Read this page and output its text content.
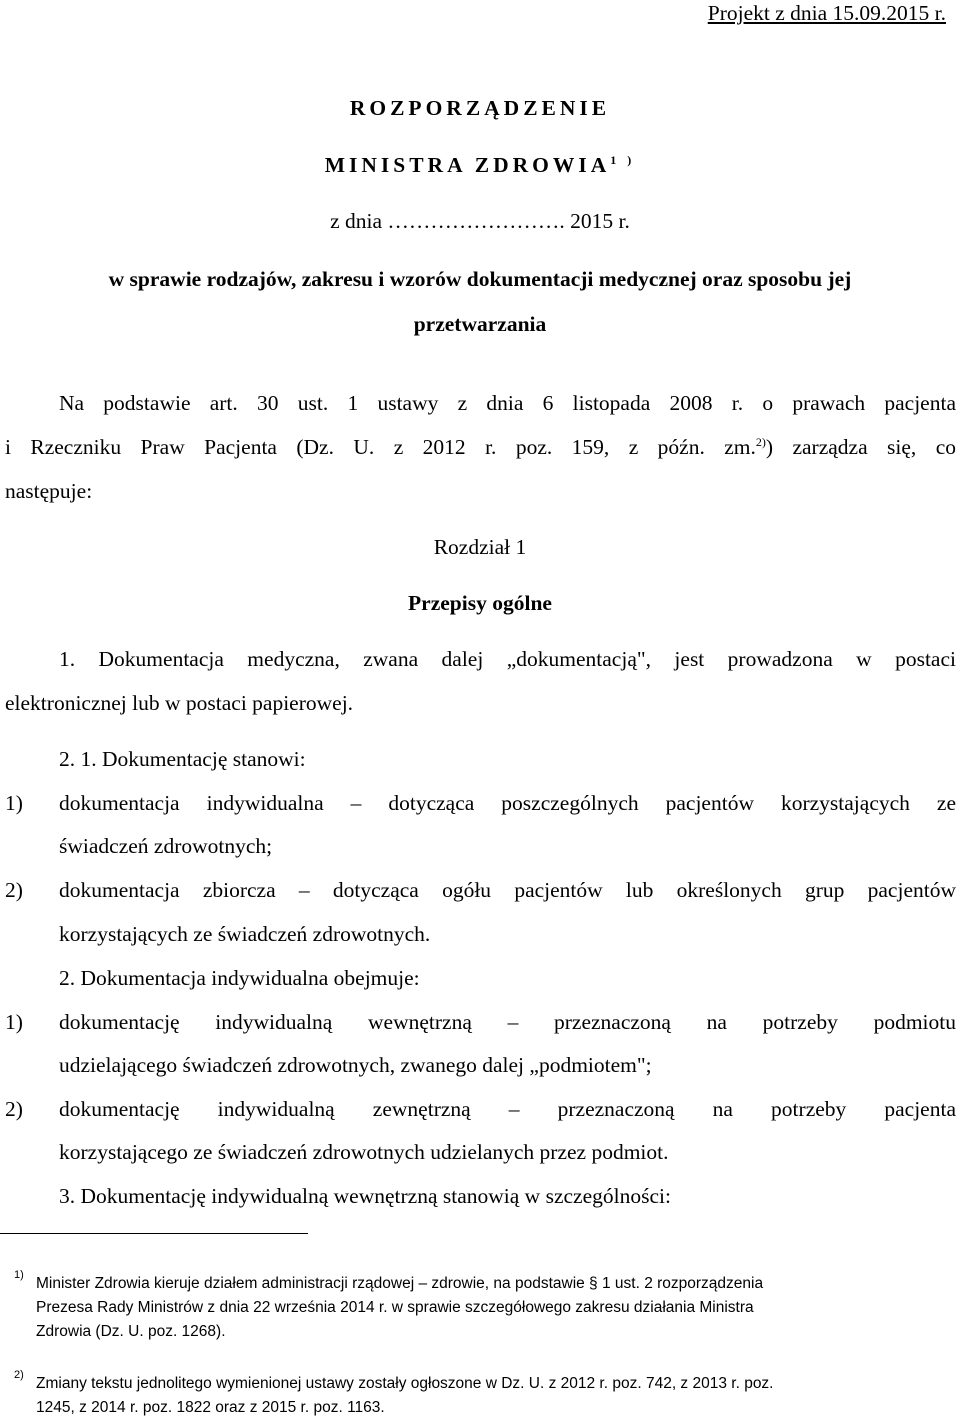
Projekt z dnia 15.09.2015 r.
ROZPORZĄDZENIE
MINISTRA $ZDROWIA^{1 )}$
z dnia ……………………. 2015 r.
w sprawie rodzajów, zakresu i wzorów dokumentacji medycznej oraz sposobu jej
przetwarzania
Na podstawie art. 30 ust. 1 ustawy z dnia 6 listopada 2008 r. o prawach pacjenta
i Rzeczniku Praw Pacjenta (Dz. U. z 2012 r. poz. 159, z późn. zm.$^{2)}$) zarządza się, co
następuje:
Rozdział 1
Przepisy ogólne
1. Dokumentacja medyczna, zwana dalej „dokumentacją", jest prowadzona w postaci
elektronicznej lub w postaci papierowej.
2. 1. Dokumentację stanowi:
1) dokumentacja indywidualna – dotycząca poszczególnych pacjentów korzystających ze
świadczeń zdrowotnych;
2) dokumentacja zbiorcza – dotycząca ogółu pacjentów lub określonych grup pacjentów
korzystających ze świadczeń zdrowotnych.
2. Dokumentacja indywidualna obejmuje:
1) dokumentację indywidualną wewnętrzną – przeznaczoną na potrzeby podmiotu
udzielającego świadczeń zdrowotnych, zwanego dalej „podmiotem";
2) dokumentację indywidualną zewnętrzną – przeznaczoną na potrzeby pacjenta
korzystającego ze świadczeń zdrowotnych udzielanych przez podmiot.
3. Dokumentację indywidualną wewnętrzną stanowią w szczególności:
1) Minister Zdrowia kieruje działem administracji rządowej – zdrowie, na podstawie § 1 ust. 2 rozporządzenia
Prezesa Rady Ministrów z dnia 22 września 2014 r. w sprawie szczegółowego zakresu działania Ministra
Zdrowia (Dz. U. poz. 1268).
2) Zmiany tekstu jednolitego wymienionej ustawy zostały ogłoszone w Dz. U. z 2012 r. poz. 742, z 2013 r. poz.
1245, z 2014 r. poz. 1822 oraz z 2015 r. poz. 1163.
